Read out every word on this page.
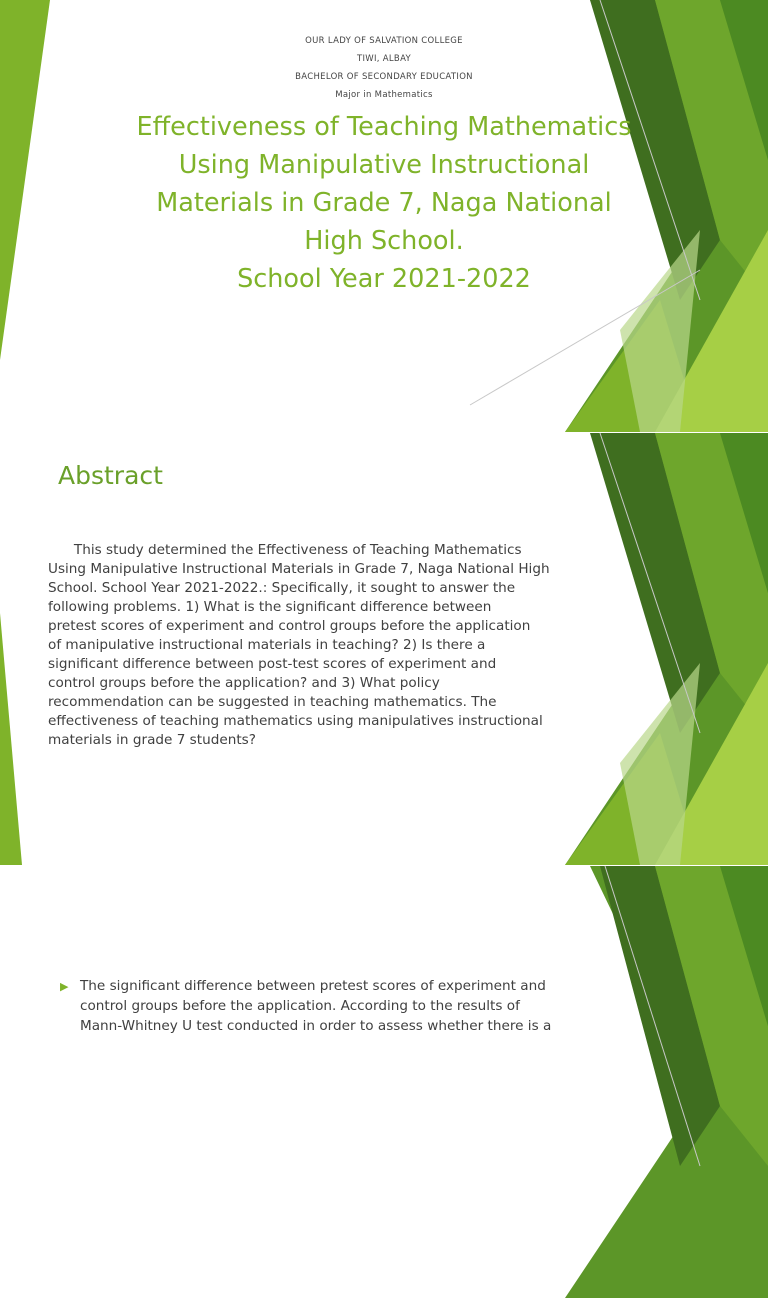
OUR LADY OF SALVATION COLLEGE
TIWI, ALBAY
BACHELOR OF SECONDARY EDUCATION
Major in Mathematics
Effectiveness of Teaching Mathematics
Using Manipulative Instructional
Materials in Grade 7, Naga National
High School.
School Year 2021-2022
Abstract
This study determined the Effectiveness of Teaching Mathematics
Using Manipulative Instructional Materials in Grade 7, Naga National High
School. School Year 2021-2022.: Specifically, it sought to answer the
following problems. 1) What is the significant difference between
pretest scores of experiment and control groups before the application
of manipulative instructional materials in teaching? 2) Is there a
significant difference between post-test scores of experiment and
control groups before the application? and 3) What policy
recommendation can be suggested in teaching mathematics. The
effectiveness of teaching mathematics using manipulatives instructional
materials in grade 7 students?
▶ The significant difference between pretest scores of experiment and
control groups before the application. According to the results of
Mann-Whitney U test conducted in order to assess whether there is a
